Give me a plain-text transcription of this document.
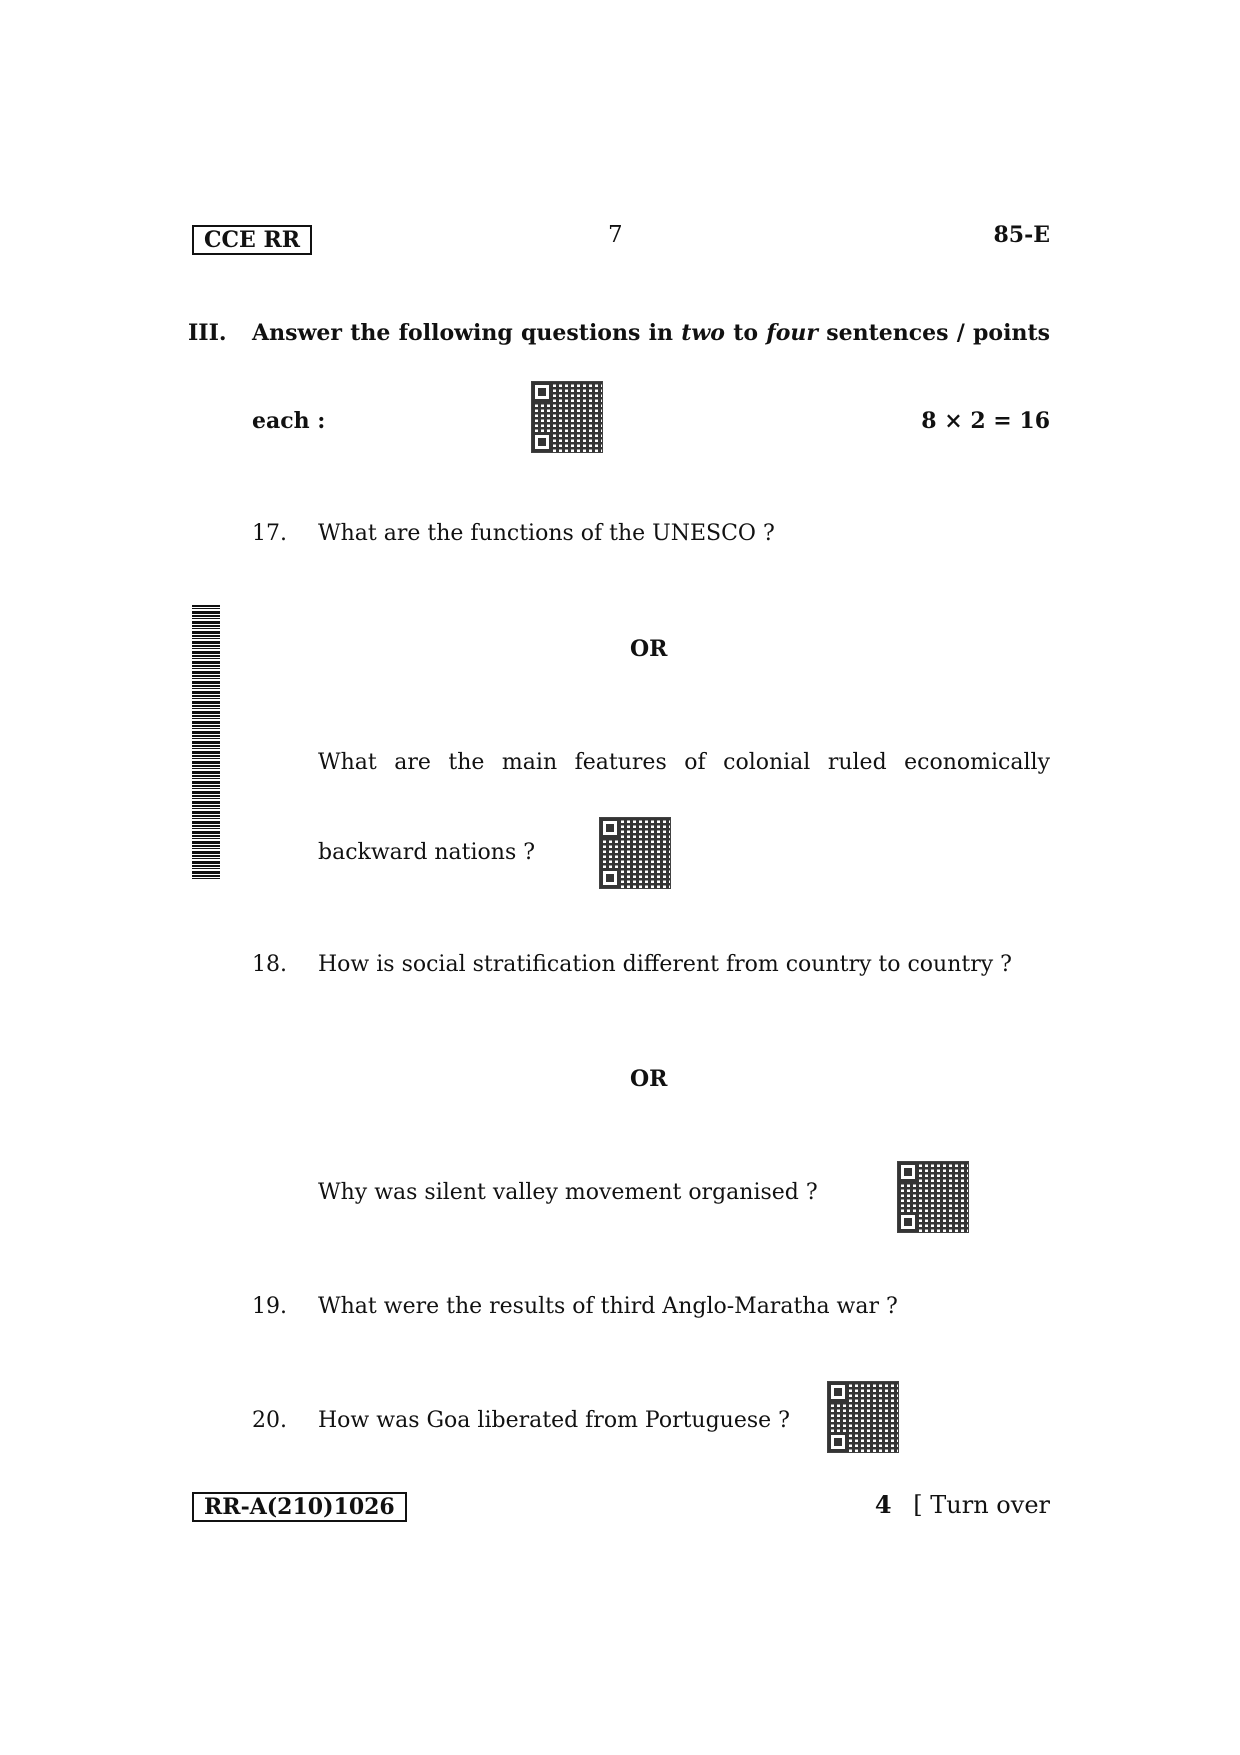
CCE RR	7	85-E
III. Answer the following questions in two to four sentences / points
each :	8 × 2 = 16
17. What are the functions of the UNESCO ?
OR
What are the main features of colonial ruled economically
backward nations ?
18. How is social stratification different from country to country ?
OR
Why was silent valley movement organised ?
19. What were the results of third Anglo-Maratha war ?
20. How was Goa liberated from Portuguese ?
RR-A(210)1026	4 [ Turn over
